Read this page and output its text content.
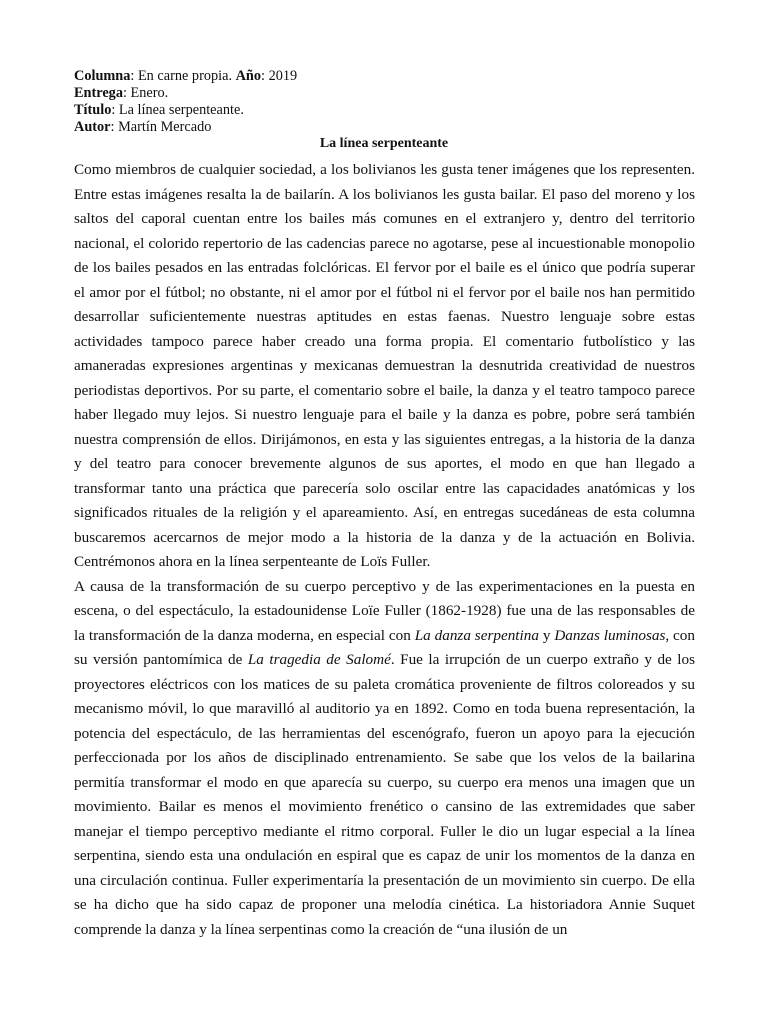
Columna: En carne propia. Año: 2019
Entrega: Enero.
Título: La línea serpenteante.
Autor: Martín Mercado
La línea serpenteante

Como miembros de cualquier sociedad, a los bolivianos les gusta tener imágenes que los representen. Entre estas imágenes resalta la de bailarín. A los bolivianos les gusta bailar. El paso del moreno y los saltos del caporal cuentan entre los bailes más comunes en el extranjero y, dentro del territorio nacional, el colorido repertorio de las cadencias parece no agotarse, pese al incuestionable monopolio de los bailes pesados en las entradas folclóricas. El fervor por el baile es el único que podría superar el amor por el fútbol; no obstante, ni el amor por el fútbol ni el fervor por el baile nos han permitido desarrollar suficientemente nuestras aptitudes en estas faenas. Nuestro lenguaje sobre estas actividades tampoco parece haber creado una forma propia. El comentario futbolístico y las amaneradas expresiones argentinas y mexicanas demuestran la desnutrida creatividad de nuestros periodistas deportivos. Por su parte, el comentario sobre el baile, la danza y el teatro tampoco parece haber llegado muy lejos. Si nuestro lenguaje para el baile y la danza es pobre, pobre será también nuestra comprensión de ellos. Dirijámonos, en esta y las siguientes entregas, a la historia de la danza y del teatro para conocer brevemente algunos de sus aportes, el modo en que han llegado a transformar tanto una práctica que parecería solo oscilar entre las capacidades anatómicas y los significados rituales de la religión y el apareamiento. Así, en entregas sucedáneas de esta columna buscaremos acercarnos de mejor modo a la historia de la danza y de la actuación en Bolivia. Centrémonos ahora en la línea serpenteante de Loïs Fuller.

A causa de la transformación de su cuerpo perceptivo y de las experimentaciones en la puesta en escena, o del espectáculo, la estadounidense Loïe Fuller (1862-1928) fue una de las responsables de la transformación de la danza moderna, en especial con La danza serpentina y Danzas luminosas, con su versión pantomímica de La tragedia de Salomé. Fue la irrupción de un cuerpo extraño y de los proyectores eléctricos con los matices de su paleta cromática proveniente de filtros coloreados y su mecanismo móvil, lo que maravilló al auditorio ya en 1892. Como en toda buena representación, la potencia del espectáculo, de las herramientas del escenógrafo, fueron un apoyo para la ejecución perfeccionada por los años de disciplinado entrenamiento. Se sabe que los velos de la bailarina permitía transformar el modo en que aparecía su cuerpo, su cuerpo era menos una imagen que un movimiento. Bailar es menos el movimiento frenético o cansino de las extremidades que saber manejar el tiempo perceptivo mediante el ritmo corporal. Fuller le dio un lugar especial a la línea serpentina, siendo esta una ondulación en espiral que es capaz de unir los momentos de la danza en una circulación continua. Fuller experimentaría la presentación de un movimiento sin cuerpo. De ella se ha dicho que ha sido capaz de proponer una melodía cinética. La historiadora Annie Suquet comprende la danza y la línea serpentinas como la creación de “una ilusión de un
